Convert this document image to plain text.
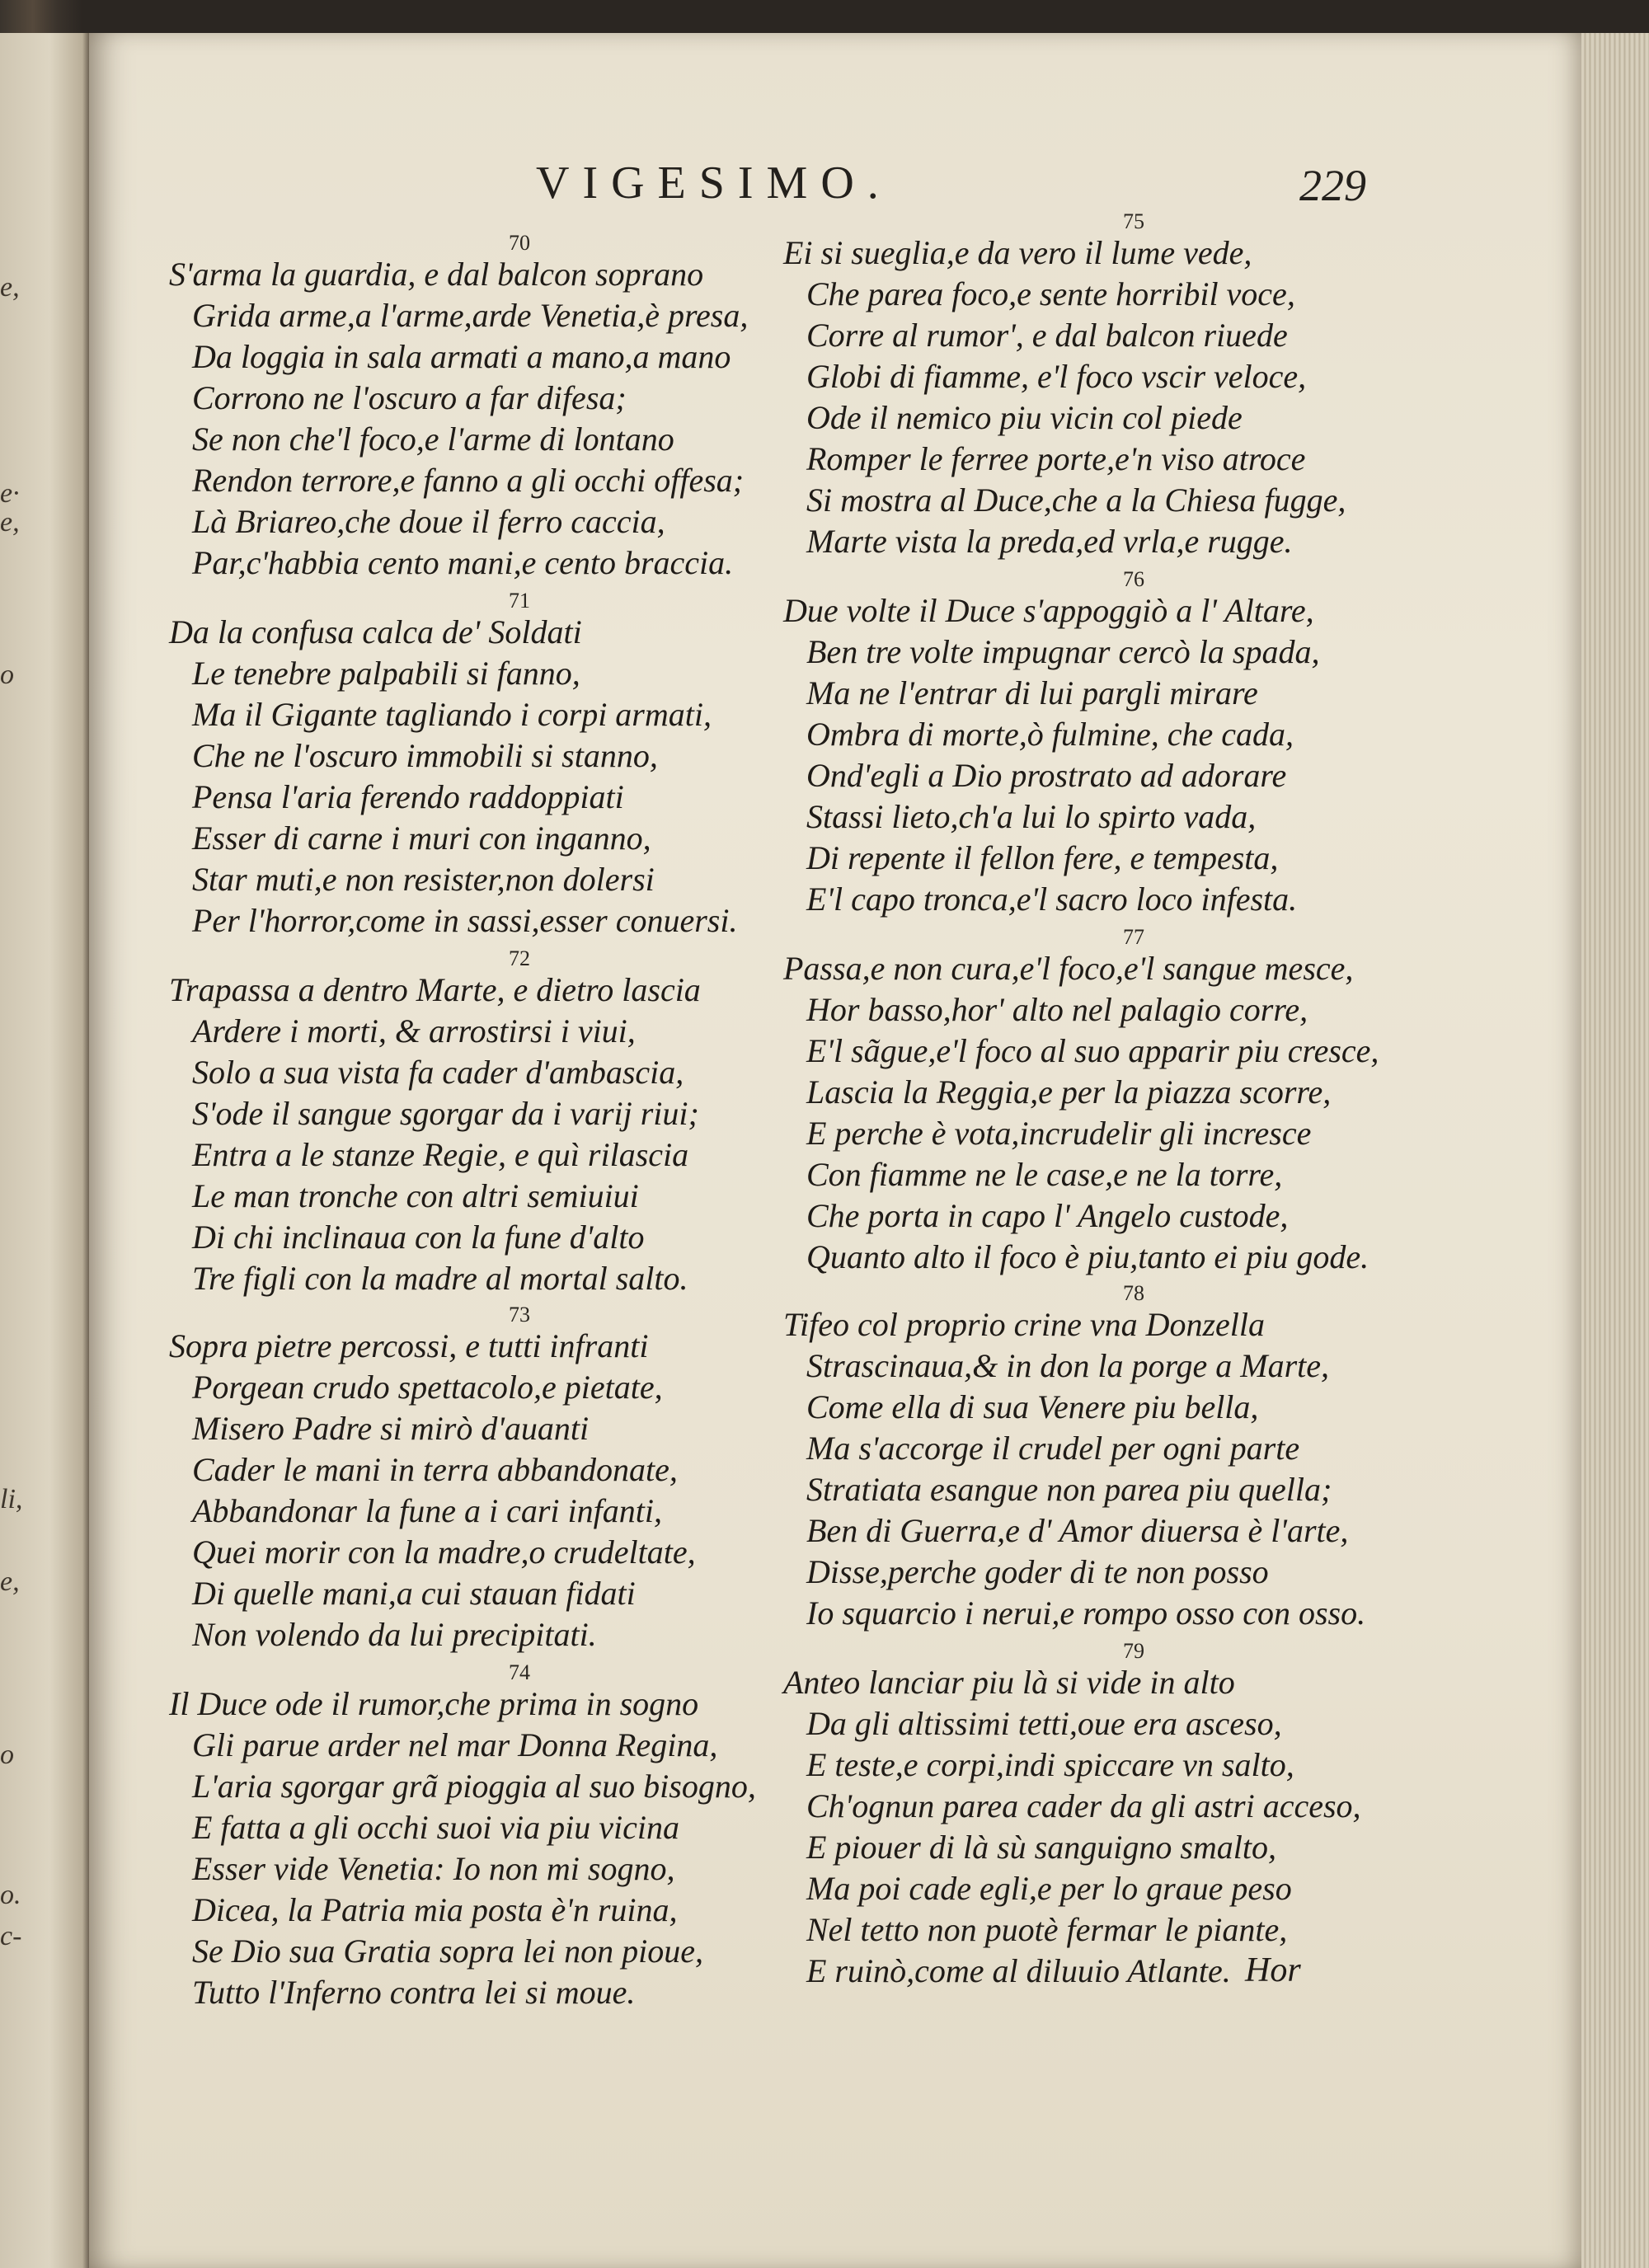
e,
e·
e,
o
li,
e,
o
o.
c-
VIGESIMO.	229
70
S'arma la guardia, e dal balcon soprano
Grida arme,a l'arme,arde Venetia,è presa,
Da loggia in sala armati a mano,a mano
Corrono ne l'oscuro a far difesa;
Se non che'l foco,e l'arme di lontano
Rendon terrore,e fanno a gli occhi offesa;
Là Briareo,che doue il ferro caccia,
Par,c'habbia cento mani,e cento braccia.
71
Da la confusa calca de' Soldati
Le tenebre palpabili si fanno,
Ma il Gigante tagliando i corpi armati,
Che ne l'oscuro immobili si stanno,
Pensa l'aria ferendo raddoppiati
Esser di carne i muri con inganno,
Star muti,e non resister,non dolersi
Per l'horror,come in sassi,esser conuersi.
72
Trapassa a dentro Marte, e dietro lascia
Ardere i morti, & arrostirsi i viui,
Solo a sua vista fa cader d'ambascia,
S'ode il sangue sgorgar da i varij riui;
Entra a le stanze Regie, e quì rilascia
Le man tronche con altri semiuiui
Di chi inclinaua con la fune d'alto
Tre figli con la madre al mortal salto.
73
Sopra pietre percossi, e tutti infranti
Porgean crudo spettacolo,e pietate,
Misero Padre si mirò d'auanti
Cader le mani in terra abbandonate,
Abbandonar la fune a i cari infanti,
Quei morir con la madre,o crudeltate,
Di quelle mani,a cui stauan fidati
Non volendo da lui precipitati.
74
Il Duce ode il rumor,che prima in sogno
Gli parue arder nel mar Donna Regina,
L'aria sgorgar grã pioggia al suo bisogno,
E fatta a gli occhi suoi via piu vicina
Esser vide Venetia: Io non mi sogno,
Dicea, la Patria mia posta è'n ruina,
Se Dio sua Gratia sopra lei non pioue,
Tutto l'Inferno contra lei si moue.
75
Ei si sueglia,e da vero il lume vede,
Che parea foco,e sente horribil voce,
Corre al rumor', e dal balcon riuede
Globi di fiamme, e'l foco vscir veloce,
Ode il nemico piu vicin col piede
Romper le ferree porte,e'n viso atroce
Si mostra al Duce,che a la Chiesa fugge,
Marte vista la preda,ed vrla,e rugge.
76
Due volte il Duce s'appoggiò a l' Altare,
Ben tre volte impugnar cercò la spada,
Ma ne l'entrar di lui pargli mirare
Ombra di morte,ò fulmine, che cada,
Ond'egli a Dio prostrato ad adorare
Stassi lieto,ch'a lui lo spirto vada,
Di repente il fellon fere, e tempesta,
E'l capo tronca,e'l sacro loco infesta.
77
Passa,e non cura,e'l foco,e'l sangue mesce,
Hor basso,hor' alto nel palagio corre,
E'l sãgue,e'l foco al suo apparir piu cresce,
Lascia la Reggia,e per la piazza scorre,
E perche è vota,incrudelir gli incresce
Con fiamme ne le case,e ne la torre,
Che porta in capo l' Angelo custode,
Quanto alto il foco è piu,tanto ei piu gode.
78
Tifeo col proprio crine vna Donzella
Strascinaua,& in don la porge a Marte,
Come ella di sua Venere piu bella,
Ma s'accorge il crudel per ogni parte
Stratiata esangue non parea piu quella;
Ben di Guerra,e d' Amor diuersa è l'arte,
Disse,perche goder di te non posso
Io squarcio i nerui,e rompo osso con osso.
79
Anteo lanciar piu là si vide in alto
Da gli altissimi tetti,oue era asceso,
E teste,e corpi,indi spiccare vn salto,
Ch'ognun parea cader da gli astri acceso,
E piouer di là sù sanguigno smalto,
Ma poi cade egli,e per lo graue peso
Nel tetto non puotè fermar le piante,
E ruinò,come al diluuio Atlante. Hor
